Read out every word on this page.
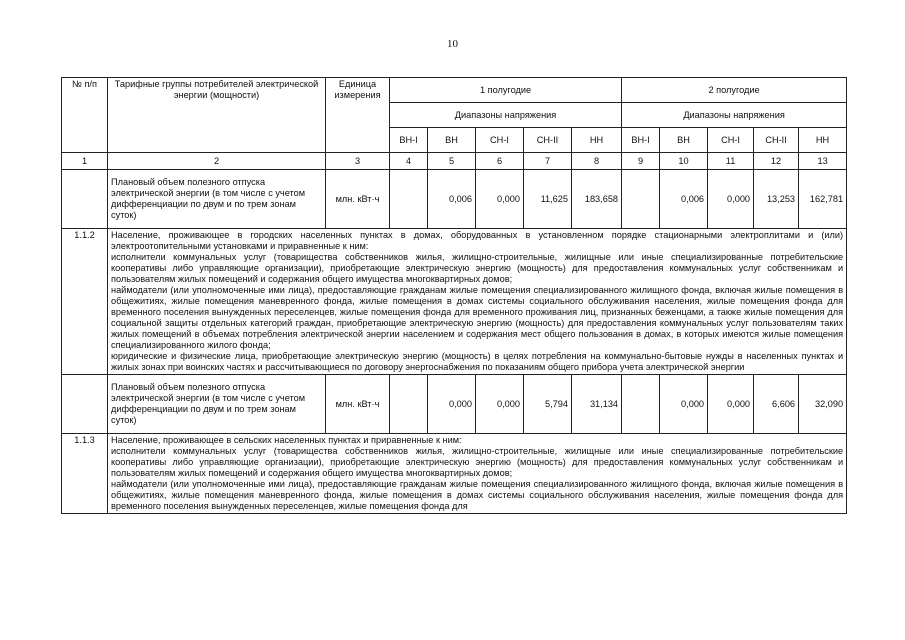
10
№ п/п	Тарифные группы потребителей электрической энергии (мощности)	Единица измерения	1 полугодие					2 полугодие				
			Диапазоны напряжения					Диапазоны напряжения				
			ВН-I	ВН	СН-I	СН-II	НН	ВН-I	ВН	СН-I	СН-II	НН
1	2	3	4	5	6	7	8	9	10	11	12	13
	Плановый объем полезного отпуска электрической энергии (в том числе с учетом дифференциации по двум и по трем зонам суток)	млн. кВт·ч		0,006	0,000	11,625	183,658		0,006	0,000	13,253	162,781
1.1.2	Население, проживающее в городских населенных пунктах в домах, оборудованных в установленном порядке стационарными электроплитами и (или) электроотопительными установками и приравненные к ним:

исполнители коммунальных услуг (товарищества собственников жилья, жилищно-строительные, жилищные или иные специализированные потребительские кооперативы либо управляющие организации), приобретающие электрическую энергию (мощность) для предоставления коммунальных услуг собственникам и пользователям жилых помещений и содержания общего имущества многоквартирных домов;

наймодатели (или уполномоченные ими лица), предоставляющие гражданам жилые помещения специализированного жилищного фонда, включая жилые помещения в общежитиях, жилые помещения маневренного фонда, жилые помещения в домах системы социального обслуживания населения, жилые помещения фонда для временного поселения вынужденных переселенцев, жилые помещения фонда для временного проживания лиц, признанных беженцами, а также жилые помещения для социальной защиты отдельных категорий граждан, приобретающие электрическую энергию (мощность) для предоставления коммунальных услуг пользователям таких жилых помещений в объемах потребления электрической энергии населением и содержания мест общего пользования в домах, в которых имеются жилые помещения специализированного жилого фонда;

юридические и физические лица, приобретающие электрическую энергию (мощность) в целях потребления на коммунально-бытовые нужды в населенных пунктах и жилых зонах при воинских частях и рассчитывающиеся по договору энергоснабжения по показаниям общего прибора учета электрической энергии											

	Плановый объем полезного отпуска электрической энергии (в том числе с учетом дифференциации по двум и по трем зонам суток)	млн. кВт·ч		0,000	0,000	5,794	31,134		0,000	0,000	6,606	32,090
1.1.3	Население, проживающее в сельских населенных пунктах и приравненные к ним:

исполнители коммунальных услуг (товарищества собственников жилья, жилищно-строительные, жилищные или иные специализированные потребительские кооперативы либо управляющие организации), приобретающие электрическую энергию (мощность) для предоставления коммунальных услуг собственникам и пользователям жилых помещений и содержания общего имущества многоквартирных домов;

наймодатели (или уполномоченные ими лица), предоставляющие гражданам жилые помещения специализированного жилищного фонда, включая жилые помещения в общежитиях, жилые помещения маневренного фонда, жилые помещения в домах системы социального обслуживания населения, жилые помещения фонда для временного поселения вынужденных переселенцев, жилые помещения фонда для											
